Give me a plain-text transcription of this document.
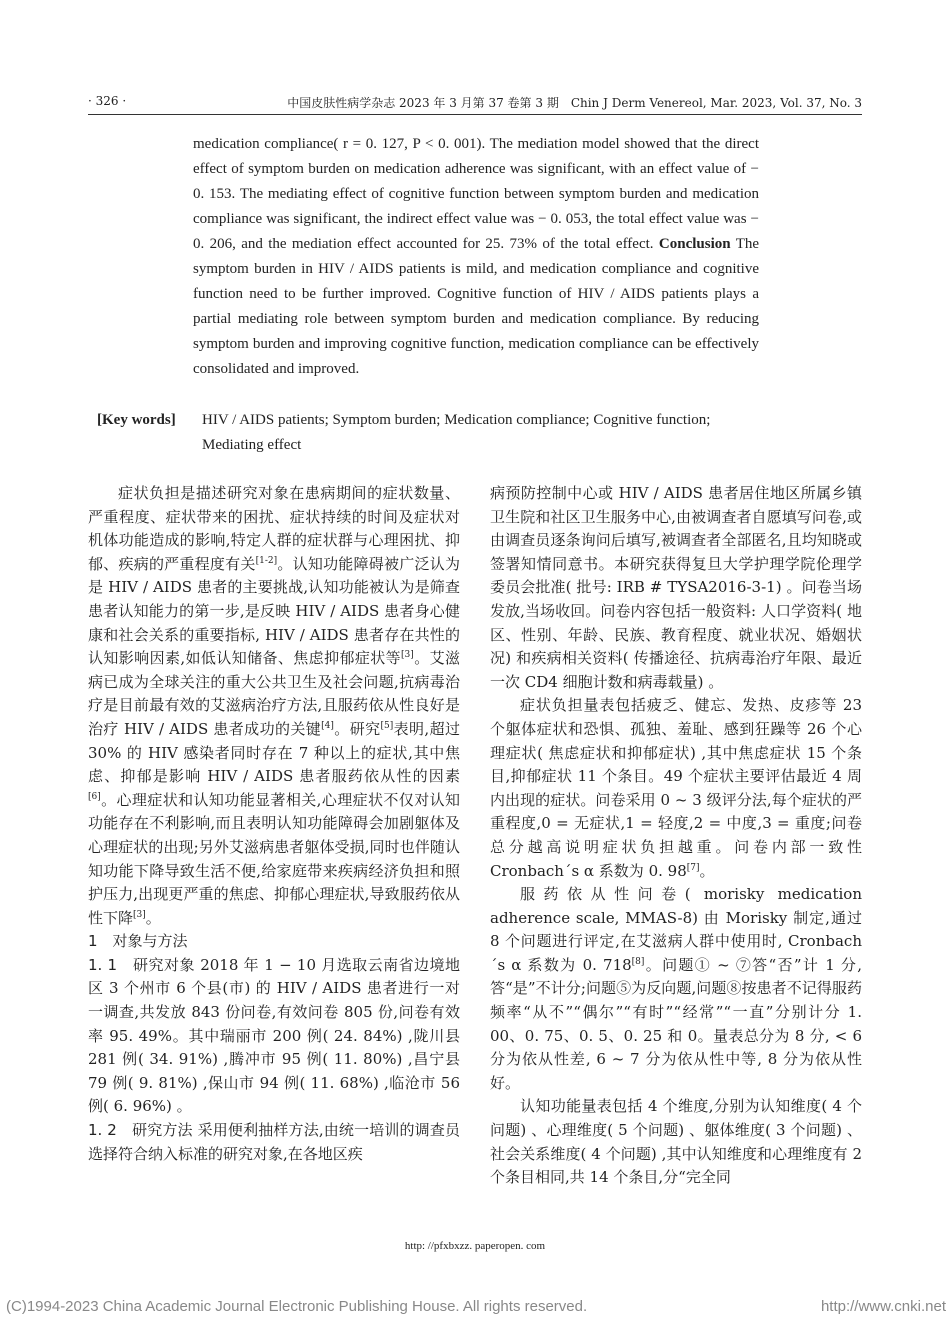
· 326 ·	中国皮肤性病学杂志 2023 年 3 月第 37 卷第 3 期　Chin J Derm Venereol, Mar. 2023, Vol. 37, No. 3

medication compliance( r = 0. 127, P < 0. 001). The mediation model showed that the direct effect of symptom burden on medication adherence was significant, with an effect value of − 0. 153. The mediating effect of cognitive function between symptom burden and medication compliance was significant, the indirect effect value was − 0. 053, the total effect value was − 0. 206, and the mediation effect accounted for 25. 73% of the total effect. Conclusion The symptom burden in HIV / AIDS patients is mild, and medication compliance and cognitive function need to be further improved. Cognitive function of HIV / AIDS patients plays a partial mediating role between symptom burden and medication compliance. By reducing symptom burden and improving cognitive function, medication compliance can be effectively consolidated and improved.

[Key words] HIV / AIDS patients; Symptom burden; Medication compliance; Cognitive function; Mediating effect

症状负担是描述研究对象在患病期间的症状数量、严重程度、症状带来的困扰、症状持续的时间及症状对机体功能造成的影响,特定人群的症状群与心理困扰、抑郁、疾病的严重程度有关[1-2]。认知功能障碍被广泛认为是 HIV / AIDS 患者的主要挑战,认知功能被认为是筛查患者认知能力的第一步,是反映 HIV / AIDS 患者身心健康和社会关系的重要指标, HIV / AIDS 患者存在共性的认知影响因素,如低认知储备、焦虑抑郁症状等[3]。艾滋病已成为全球关注的重大公共卫生及社会问题,抗病毒治疗是目前最有效的艾滋病治疗方法,且服药依从性良好是治疗 HIV / AIDS 患者成功的关键[4]。研究[5]表明,超过 30% 的 HIV 感染者同时存在 7 种以上的症状,其中焦虑、抑郁是影响 HIV / AIDS 患者服药依从性的因素[6]。心理症状和认知功能显著相关,心理症状不仅对认知功能存在不利影响,而且表明认知功能障碍会加剧躯体及心理症状的出现;另外艾滋病患者躯体受损,同时也伴随认知功能下降导致生活不便,给家庭带来疾病经济负担和照护压力,出现更严重的焦虑、抑郁心理症状,导致服药依从性下降[3]。

1　对象与方法

1. 1　研究对象 2018 年 1 − 10 月选取云南省边境地区 3 个州市 6 个县(市) 的 HIV / AIDS 患者进行一对一调查,共发放 843 份问卷,有效问卷 805 份,问卷有效率 95. 49%。其中瑞丽市 200 例( 24. 84%) ,陇川县 281 例( 34. 91%) ,腾冲市 95 例( 11. 80%) ,昌宁县 79 例( 9. 81%) ,保山市 94 例( 11. 68%) ,临沧市 56 例( 6. 96%) 。

1. 2　研究方法 采用便利抽样方法,由统一培训的调查员选择符合纳入标准的研究对象,在各地区疾

病预防控制中心或 HIV / AIDS 患者居住地区所属乡镇卫生院和社区卫生服务中心,由被调查者自愿填写问卷,或由调查员逐条询问后填写,被调查者全部匿名,且均知晓或签署知情同意书。本研究获得复旦大学护理学院伦理学委员会批准( 批号: IRB # TYSA2016-3-1) 。问卷当场发放,当场收回。问卷内容包括一般资料: 人口学资料( 地区、性别、年龄、民族、教育程度、就业状况、婚姻状况) 和疾病相关资料( 传播途径、抗病毒治疗年限、最近一次 CD4 细胞计数和病毒载量) 。

症状负担量表包括疲乏、健忘、发热、皮疹等 23 个躯体症状和恐惧、孤独、羞耻、感到狂躁等 26 个心理症状( 焦虑症状和抑郁症状) ,其中焦虑症状 15 个条目,抑郁症状 11 个条目。49 个症状主要评估最近 4 周内出现的症状。问卷采用 0 ~ 3 级评分法,每个症状的严重程度,0 = 无症状,1 = 轻度,2 = 中度,3 = 重度;问卷总分越高说明症状负担越重。问卷内部一致性 Cronbach´s α 系数为 0. 98[7]。

服药依从性问卷( morisky medication adherence scale, MMAS-8) 由 Morisky 制定,通过 8 个问题进行评定,在艾滋病人群中使用时, Cronbach´s α 系数为 0. 718[8]。问题① ~ ⑦答“否”计 1 分,答“是”不计分;问题⑤为反向题,问题⑧按患者不记得服药频率“从不”“偶尔”“有时”“经常”“一直”分别计分 1. 00、0. 75、0. 5、0. 25 和 0。量表总分为 8 分, < 6 分为依从性差, 6 ~ 7 分为依从性中等, 8 分为依从性好。

认知功能量表包括 4 个维度,分别为认知维度( 4 个问题) 、心理维度( 5 个问题) 、躯体维度( 3 个问题) 、社会关系维度( 4 个问题) ,其中认知维度和心理维度有 2 个条目相同,共 14 个条目,分“完全同

http: //pfxbxzz. paperopen. com
(C)1994-2023 China Academic Journal Electronic Publishing House. All rights reserved.	http://www.cnki.net
